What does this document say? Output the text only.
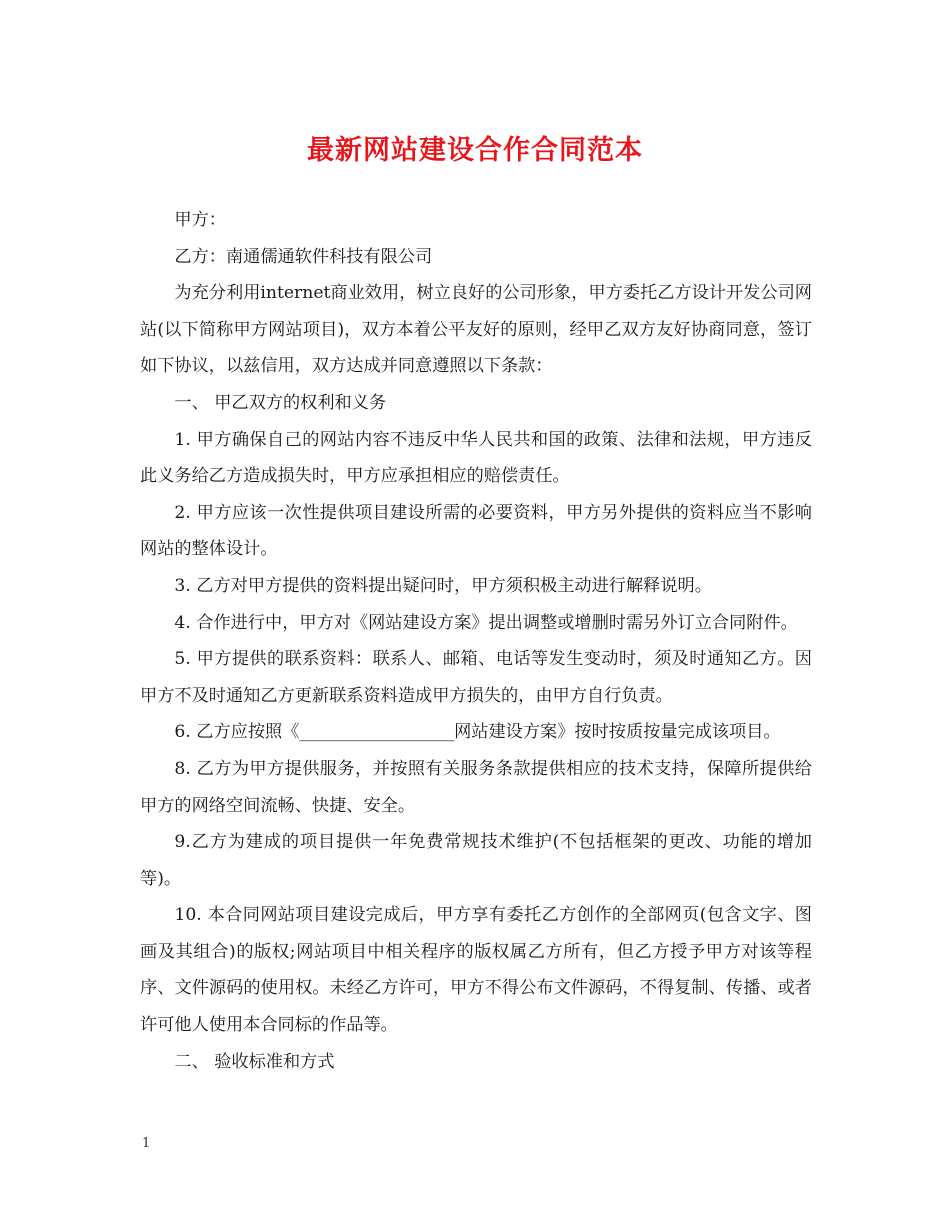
最新网站建设合作合同范本

甲方：

乙方：南通儒通软件科技有限公司

为充分利用internet商业效用，树立良好的公司形象，甲方委托乙方设计开发公司网站(以下简称甲方网站项目)，双方本着公平友好的原则，经甲乙双方友好协商同意，签订如下协议，以兹信用，双方达成并同意遵照以下条款：

一、 甲乙双方的权利和义务

1. 甲方确保自己的网站内容不违反中华人民共和国的政策、法律和法规，甲方违反此义务给乙方造成损失时，甲方应承担相应的赔偿责任。

2. 甲方应该一次性提供项目建设所需的必要资料，甲方另外提供的资料应当不影响网站的整体设计。

3. 乙方对甲方提供的资料提出疑问时，甲方须积极主动进行解释说明。

4. 合作进行中，甲方对《网站建设方案》提出调整或增删时需另外订立合同附件。

5. 甲方提供的联系资料：联系人、邮箱、电话等发生变动时，须及时通知乙方。因甲方不及时通知乙方更新联系资料造成甲方损失的，由甲方自行负责。

6. 乙方应按照《__________________网站建设方案》按时按质按量完成该项目。

8. 乙方为甲方提供服务，并按照有关服务条款提供相应的技术支持，保障所提供给甲方的网络空间流畅、快捷、安全。

9.乙方为建成的项目提供一年免费常规技术维护(不包括框架的更改、功能的增加等)。

10. 本合同网站项目建设完成后，甲方享有委托乙方创作的全部网页(包含文字、图画及其组合)的版权;网站项目中相关程序的版权属乙方所有，但乙方授予甲方对该等程序、文件源码的使用权。未经乙方许可，甲方不得公布文件源码，不得复制、传播、或者许可他人使用本合同标的作品等。

二、 验收标准和方式

1
